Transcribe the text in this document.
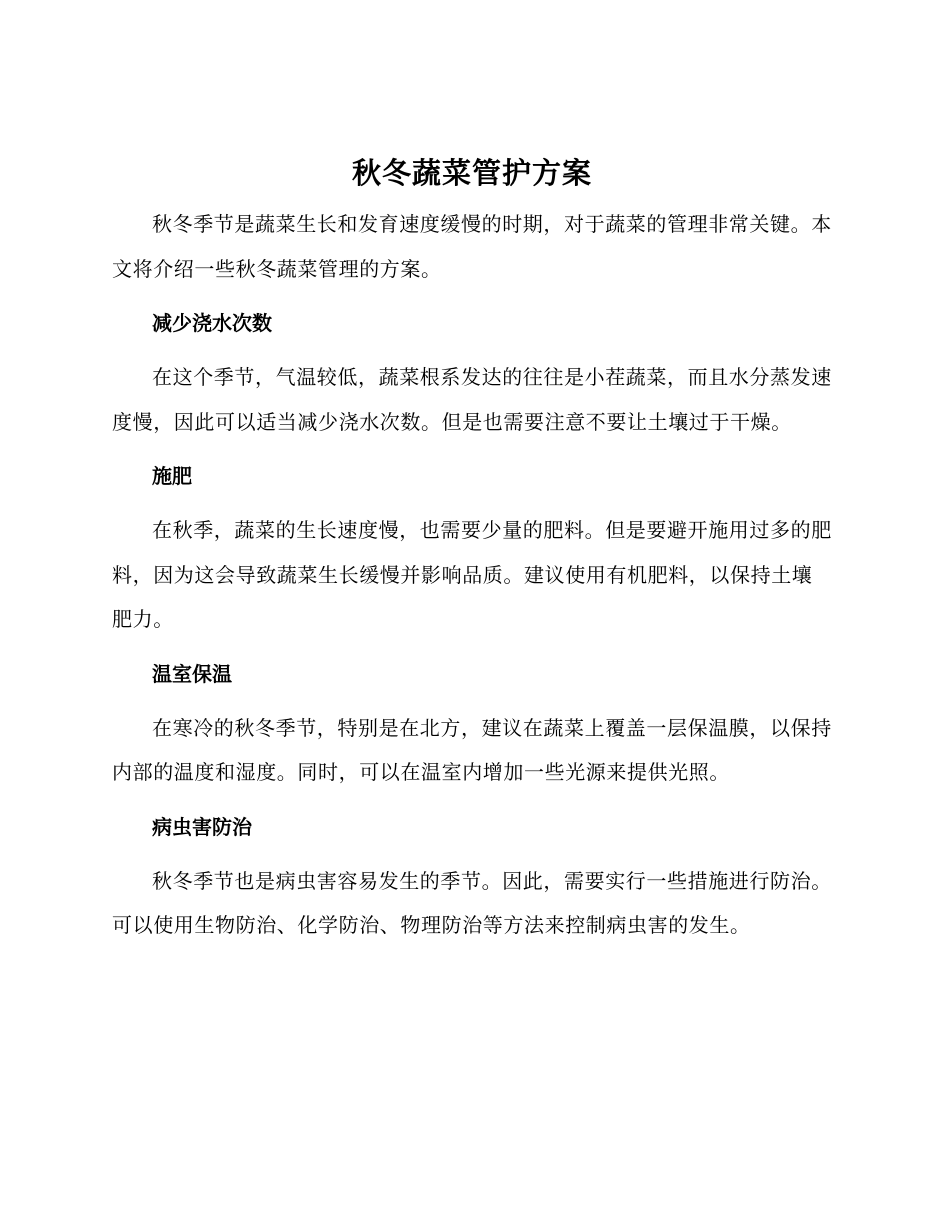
秋冬蔬菜管护方案

秋冬季节是蔬菜生长和发育速度缓慢的时期，对于蔬菜的管理非常关键。本文将介绍一些秋冬蔬菜管理的方案。

减少浇水次数

在这个季节，气温较低，蔬菜根系发达的往往是小茬蔬菜，而且水分蒸发速度慢，因此可以适当减少浇水次数。但是也需要注意不要让土壤过于干燥。

施肥

在秋季，蔬菜的生长速度慢，也需要少量的肥料。但是要避开施用过多的肥料，因为这会导致蔬菜生长缓慢并影响品质。建议使用有机肥料，以保持土壤肥力。

温室保温

在寒冷的秋冬季节，特别是在北方，建议在蔬菜上覆盖一层保温膜，以保持内部的温度和湿度。同时，可以在温室内增加一些光源来提供光照。

病虫害防治

秋冬季节也是病虫害容易发生的季节。因此，需要实行一些措施进行防治。可以使用生物防治、化学防治、物理防治等方法来控制病虫害的发生。
